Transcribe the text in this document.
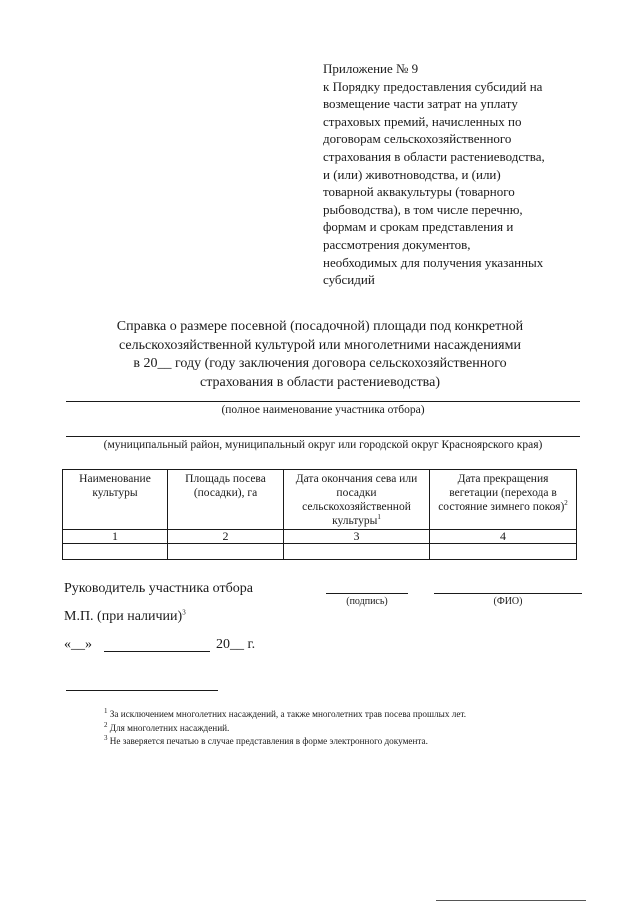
Приложение № 9
к Порядку предоставления субсидий на
возмещение части затрат на уплату
страховых премий, начисленных по
договорам сельскохозяйственного
страхования в области растениеводства,
и (или) животноводства, и (или)
товарной аквакультуры (товарного
рыбоводства), в том числе перечню,
формам и срокам представления и
рассмотрения документов,
необходимых для получения указанных
субсидий
Справка о размере посевной (посадочной) площади под конкретной
сельскохозяйственной культурой или многолетними насаждениями
в 20__ году (году заключения договора сельскохозяйственного
страхования в области растениеводства)
(полное наименование участника отбора)
(муниципальный район, муниципальный округ или городской округ Красноярского края)
Наименование культуры	Площадь посева (посадки), га	Дата окончания сева или посадки сельскохозяйственной культуры$^1$	Дата прекращения вегетации (перехода в состояние зимнего покоя)$^2$

1	2	3	4

Руководитель участника отбора
(подпись)	(ФИО)
М.П. (при наличии)$^3$
«__»	20__ г.
$^1$ За исключением многолетних насаждений, а также многолетних трав посева прошлых лет.
$^2$ Для многолетних насаждений.
$^3$ Не заверяется печатью в случае представления в форме электронного документа.
